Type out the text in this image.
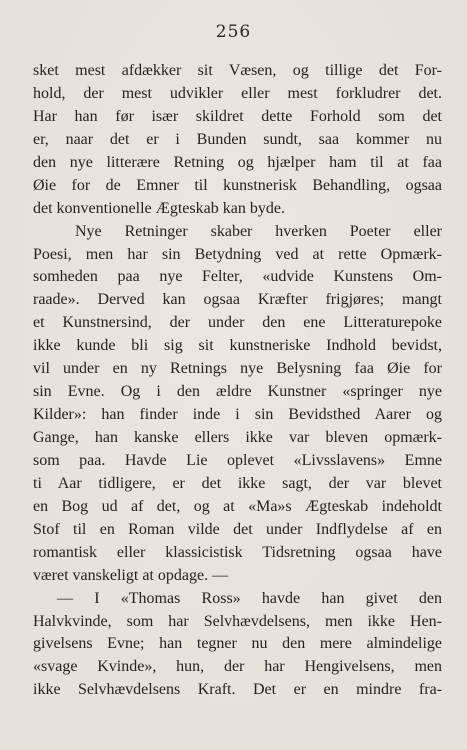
256
sket mest afdækker sit Væsen, og tillige det For-
hold, der mest udvikler eller mest forkludrer det.
Har han før især skildret dette Forhold som det
er, naar det er i Bunden sundt, saa kommer nu
den nye litterære Retning og hjælper ham til at faa
Øie for de Emner til kunstnerisk Behandling, ogsaa
det konventionelle Ægteskab kan byde.
Nye Retninger skaber hverken Poeter eller
Poesi, men har sin Betydning ved at rette Opmærk-
somheden paa nye Felter, «udvide Kunstens Om-
raade». Derved kan ogsaa Kræfter frigjøres; mangt
et Kunstnersind, der under den ene Litteraturepoke
ikke kunde bli sig sit kunstneriske Indhold bevidst,
vil under en ny Retnings nye Belysning faa Øie for
sin Evne. Og i den ældre Kunstner «springer nye
Kilder»: han finder inde i sin Bevidsthed Aarer og
Gange, han kanske ellers ikke var bleven opmærk-
som paa. Havde Lie oplevet «Livsslavens» Emne
ti Aar tidligere, er det ikke sagt, der var blevet
en Bog ud af det, og at «Ma»s Ægteskab indeholdt
Stof til en Roman vilde det under Indflydelse af en
romantisk eller klassicistisk Tidsretning ogsaa have
været vanskeligt at opdage. —
— I «Thomas Ross» havde han givet den
Halvkvinde, som har Selvhævdelsens, men ikke Hen-
givelsens Evne; han tegner nu den mere almindelige
«svage Kvinde», hun, der har Hengivelsens, men
ikke Selvhævdelsens Kraft. Det er en mindre fra-
